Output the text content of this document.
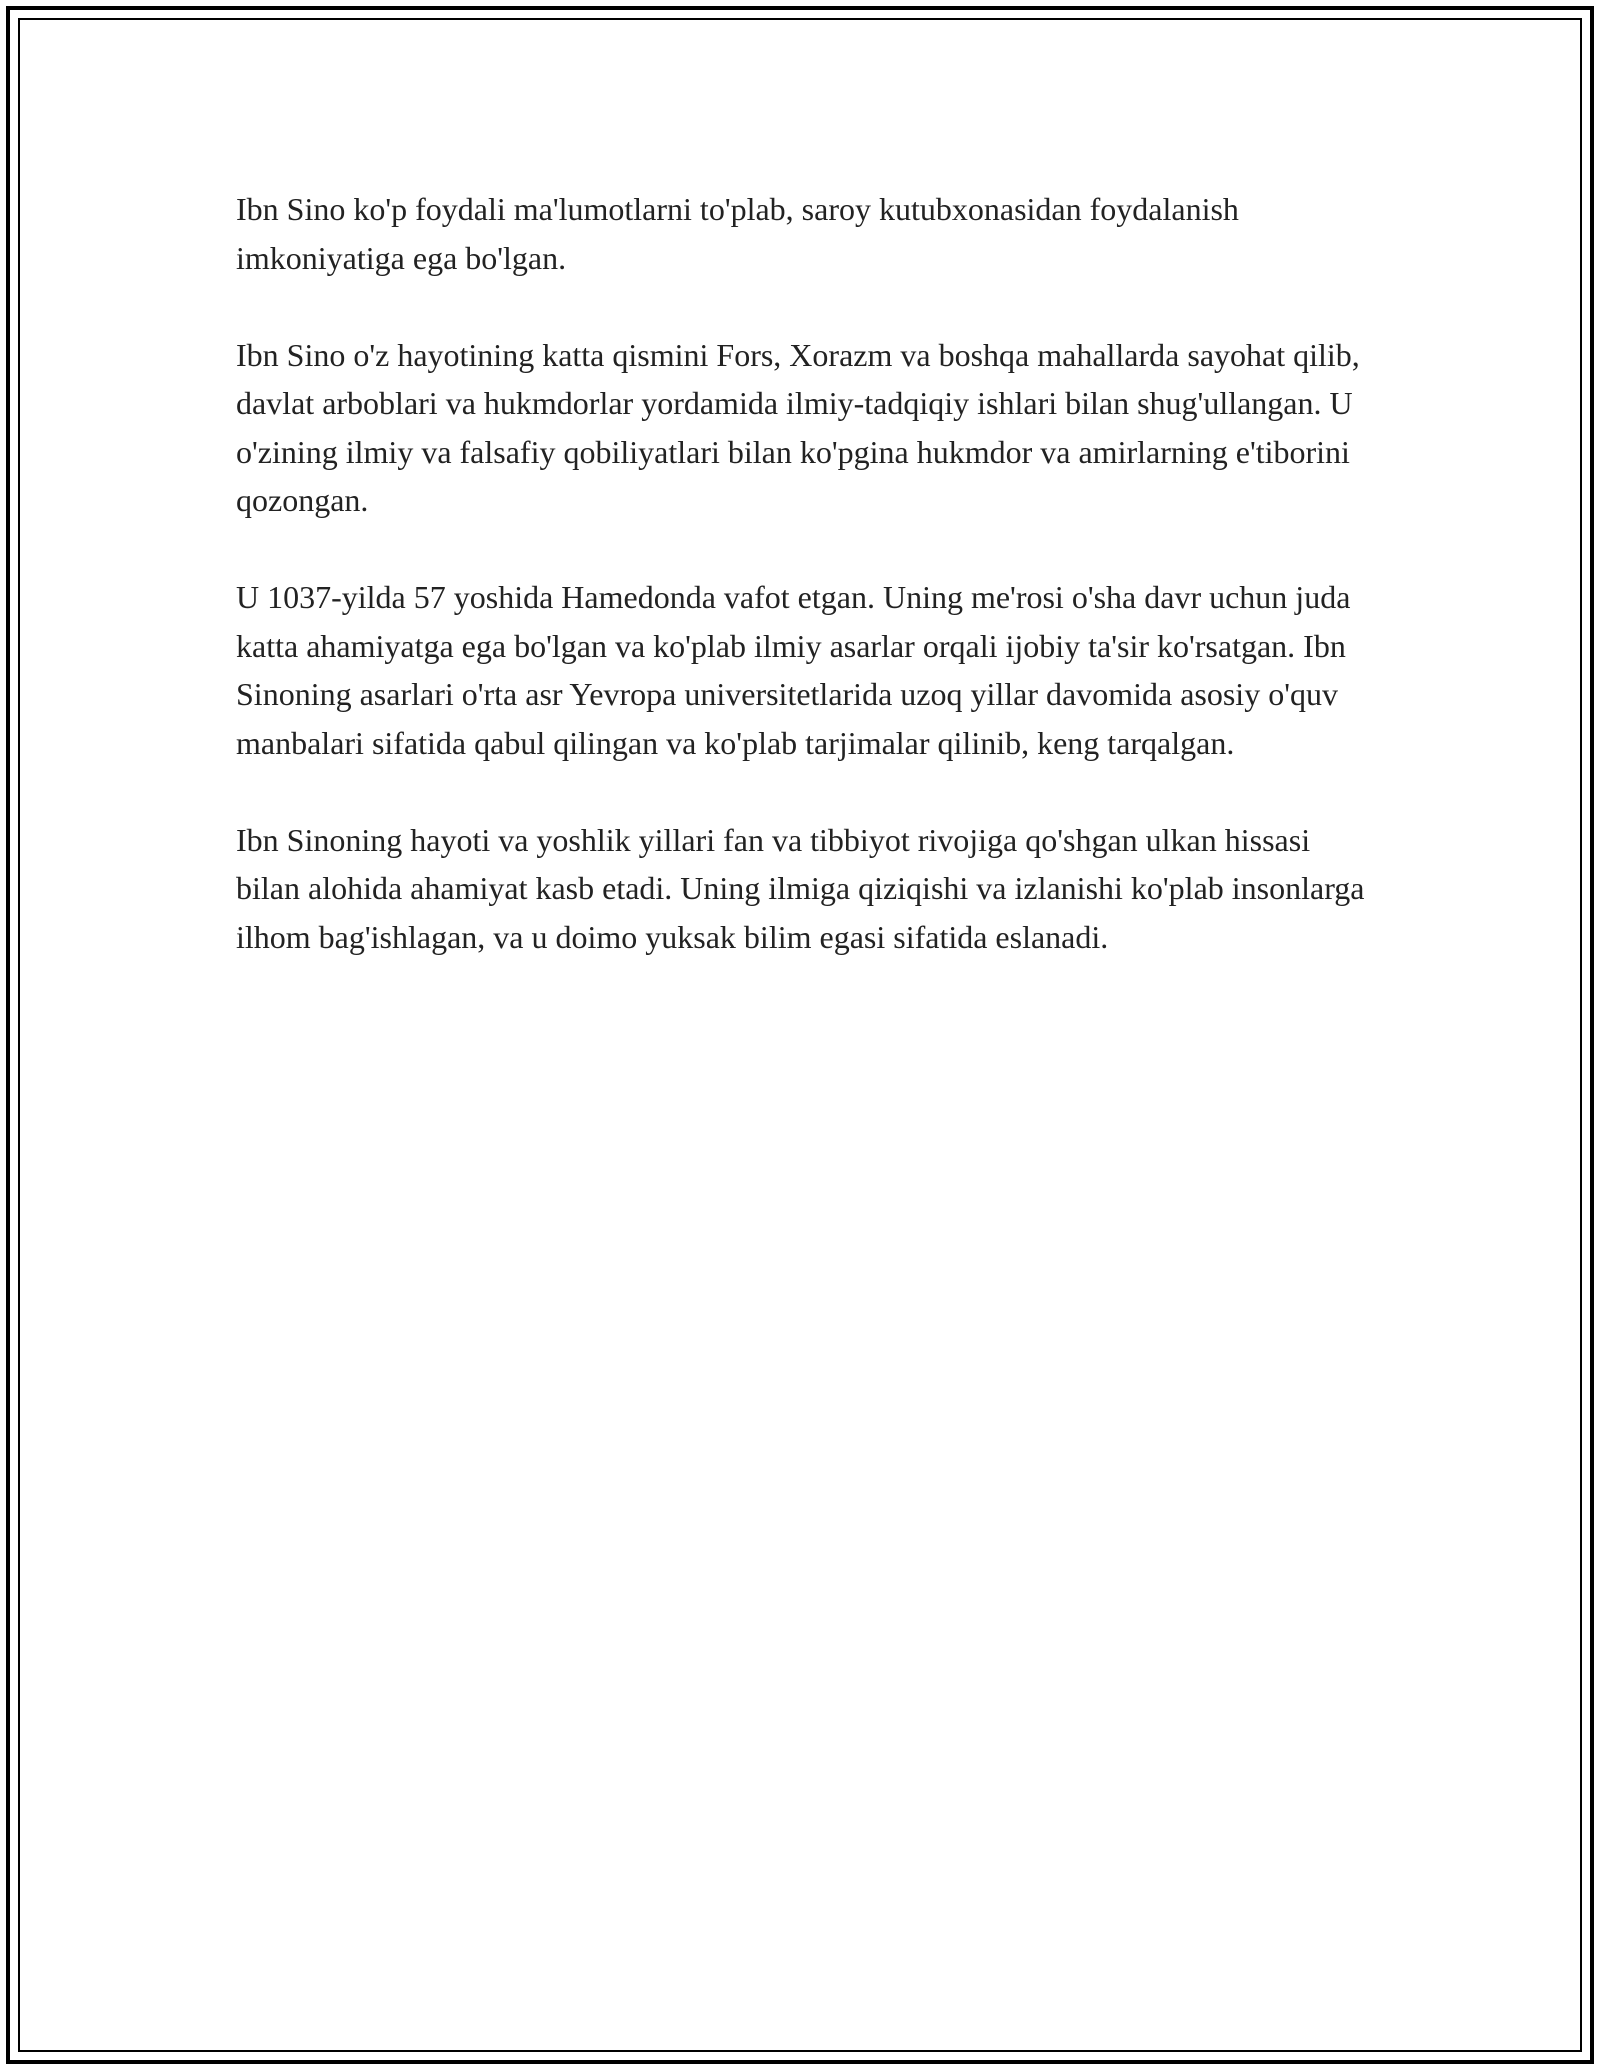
Ibn Sino ko'p foydali ma'lumotlarni to'plab, saroy kutubxonasidan foydalanish imkoniyatiga ega bo'lgan.

Ibn Sino o'z hayotining katta qismini Fors, Xorazm va boshqa mahallarda sayohat qilib, davlat arboblari va hukmdorlar yordamida ilmiy-tadqiqiy ishlari bilan shug'ullangan. U o'zining ilmiy va falsafiy qobiliyatlari bilan ko'pgina hukmdor va amirlarning e'tiborini qozongan.

U 1037-yilda 57 yoshida Hamedonda vafot etgan. Uning me'rosi o'sha davr uchun juda katta ahamiyatga ega bo'lgan va ko'plab ilmiy asarlar orqali ijobiy ta'sir ko'rsatgan. Ibn Sinoning asarlari o'rta asr Yevropa universitetlarida uzoq yillar davomida asosiy o'quv manbalari sifatida qabul qilingan va ko'plab tarjimalar qilinib, keng tarqalgan.

Ibn Sinoning hayoti va yoshlik yillari fan va tibbiyot rivojiga qo'shgan ulkan hissasi bilan alohida ahamiyat kasb etadi. Uning ilmiga qiziqishi va izlanishi ko'plab insonlarga ilhom bag'ishlagan, va u doimo yuksak bilim egasi sifatida eslanadi.
